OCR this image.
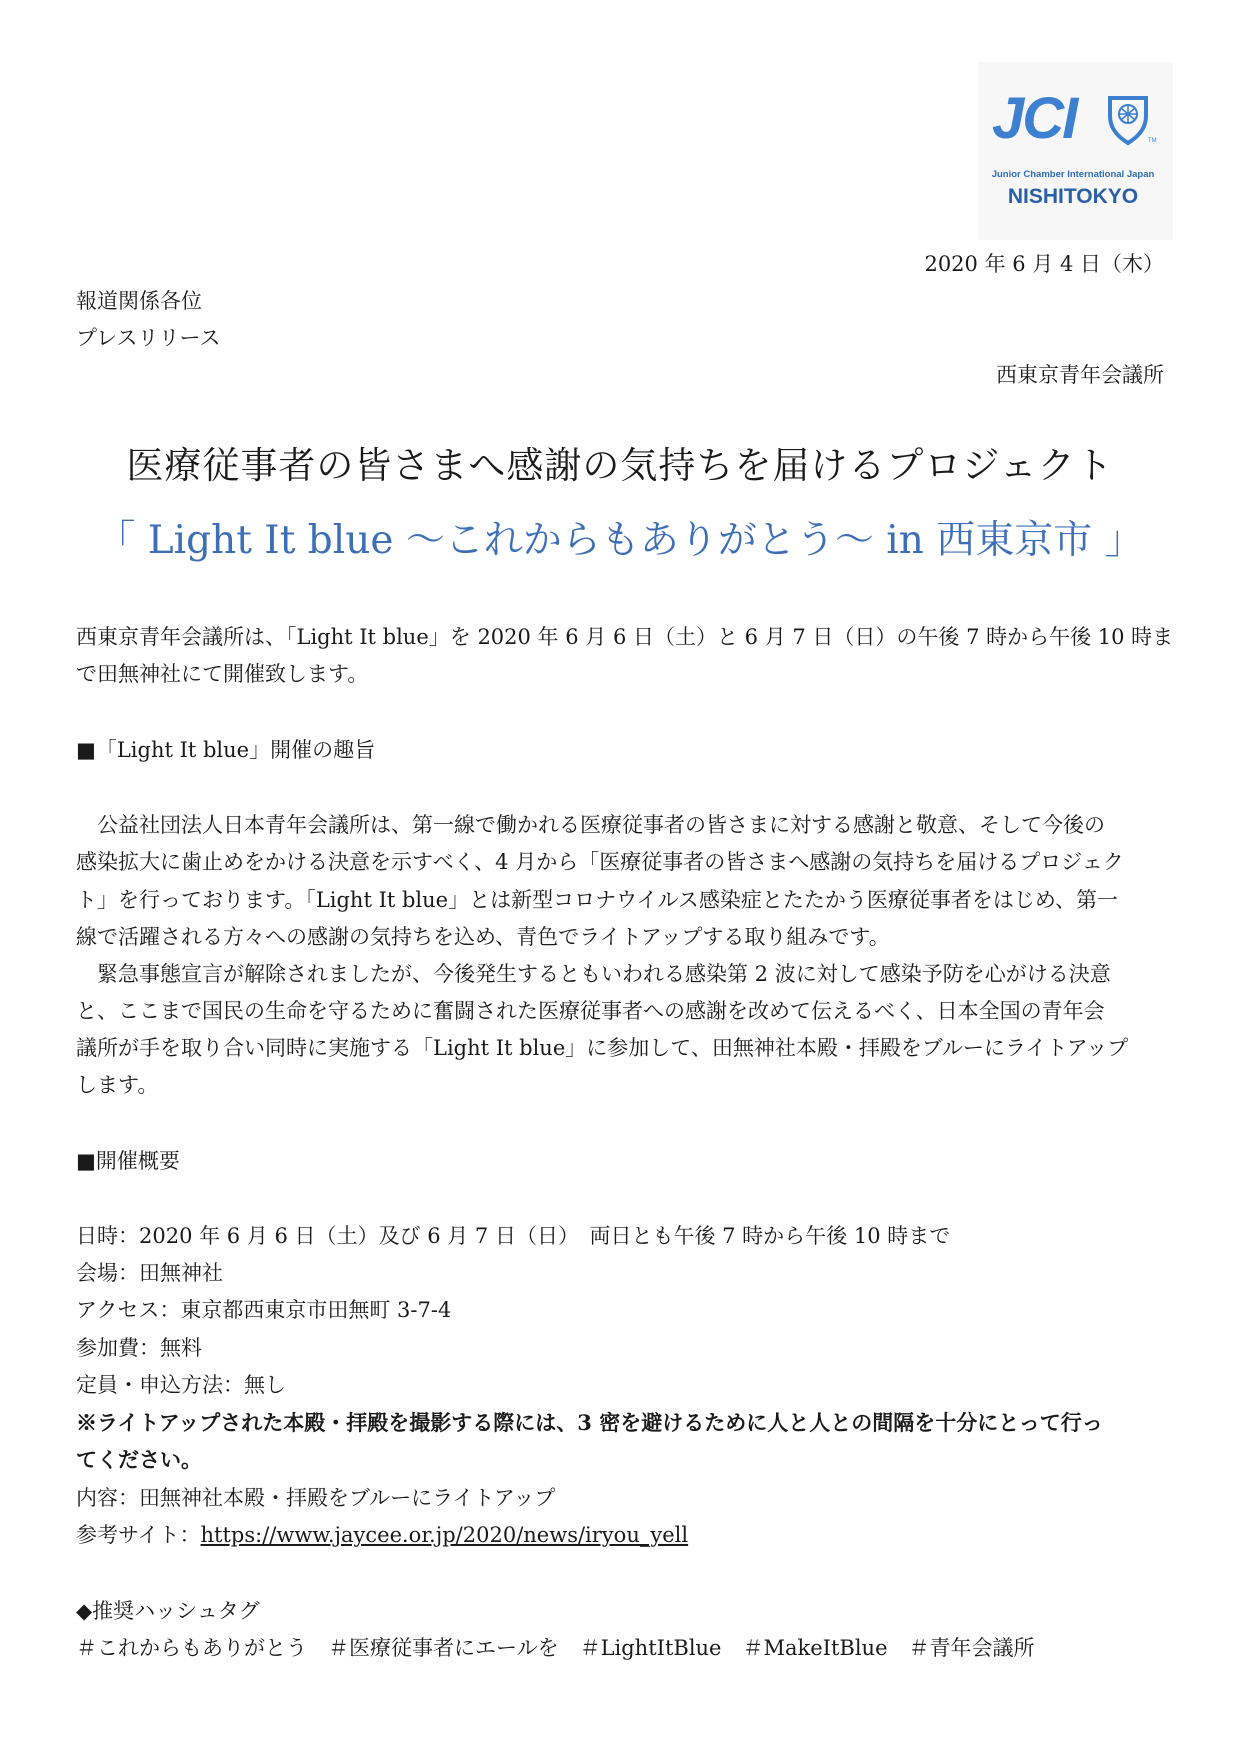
JCI	TM
Junior Chamber International Japan
NISHITOKYO
2020 年 6 月 4 日（木）
報道関係各位
プレスリリース
西東京青年会議所
医療従事者の皆さまへ感謝の気持ちを届けるプロジェクト
「 Light It blue ～これからもありがとう～ in 西東京市 」
西東京青年会議所は、「Light It blue」を 2020 年 6 月 6 日（土）と 6 月 7 日（日）の午後 7 時から午後 10 時ま
で田無神社にて開催致します。
■「Light It blue」開催の趣旨
　公益社団法人日本青年会議所は、第一線で働かれる医療従事者の皆さまに対する感謝と敬意、そして今後の
感染拡大に歯止めをかける決意を示すべく、4 月から「医療従事者の皆さまへ感謝の気持ちを届けるプロジェク
ト」を行っております。「Light It blue」とは新型コロナウイルス感染症とたたかう医療従事者をはじめ、第一
線で活躍される方々への感謝の気持ちを込め、青色でライトアップする取り組みです。
　緊急事態宣言が解除されましたが、今後発生するともいわれる感染第 2 波に対して感染予防を心がける決意
と、ここまで国民の生命を守るために奮闘された医療従事者への感謝を改めて伝えるべく、日本全国の青年会
議所が手を取り合い同時に実施する「Light It blue」に参加して、田無神社本殿・拝殿をブルーにライトアップ
します。
■開催概要
日時：2020 年 6 月 6 日（土）及び 6 月 7 日（日）　両日とも午後 7 時から午後 10 時まで
会場：田無神社
アクセス：東京都西東京市田無町 3-7-4
参加費：無料
定員・申込方法：無し
※ライトアップされた本殿・拝殿を撮影する際には、3 密を避けるために人と人との間隔を十分にとって行っ
てください。
内容：田無神社本殿・拝殿をブルーにライトアップ
参考サイト：https://www.jaycee.or.jp/2020/news/iryou_yell
◆推奨ハッシュタグ
＃これからもありがとう　＃医療従事者にエールを　＃LightItBlue　＃MakeItBlue　＃青年会議所
